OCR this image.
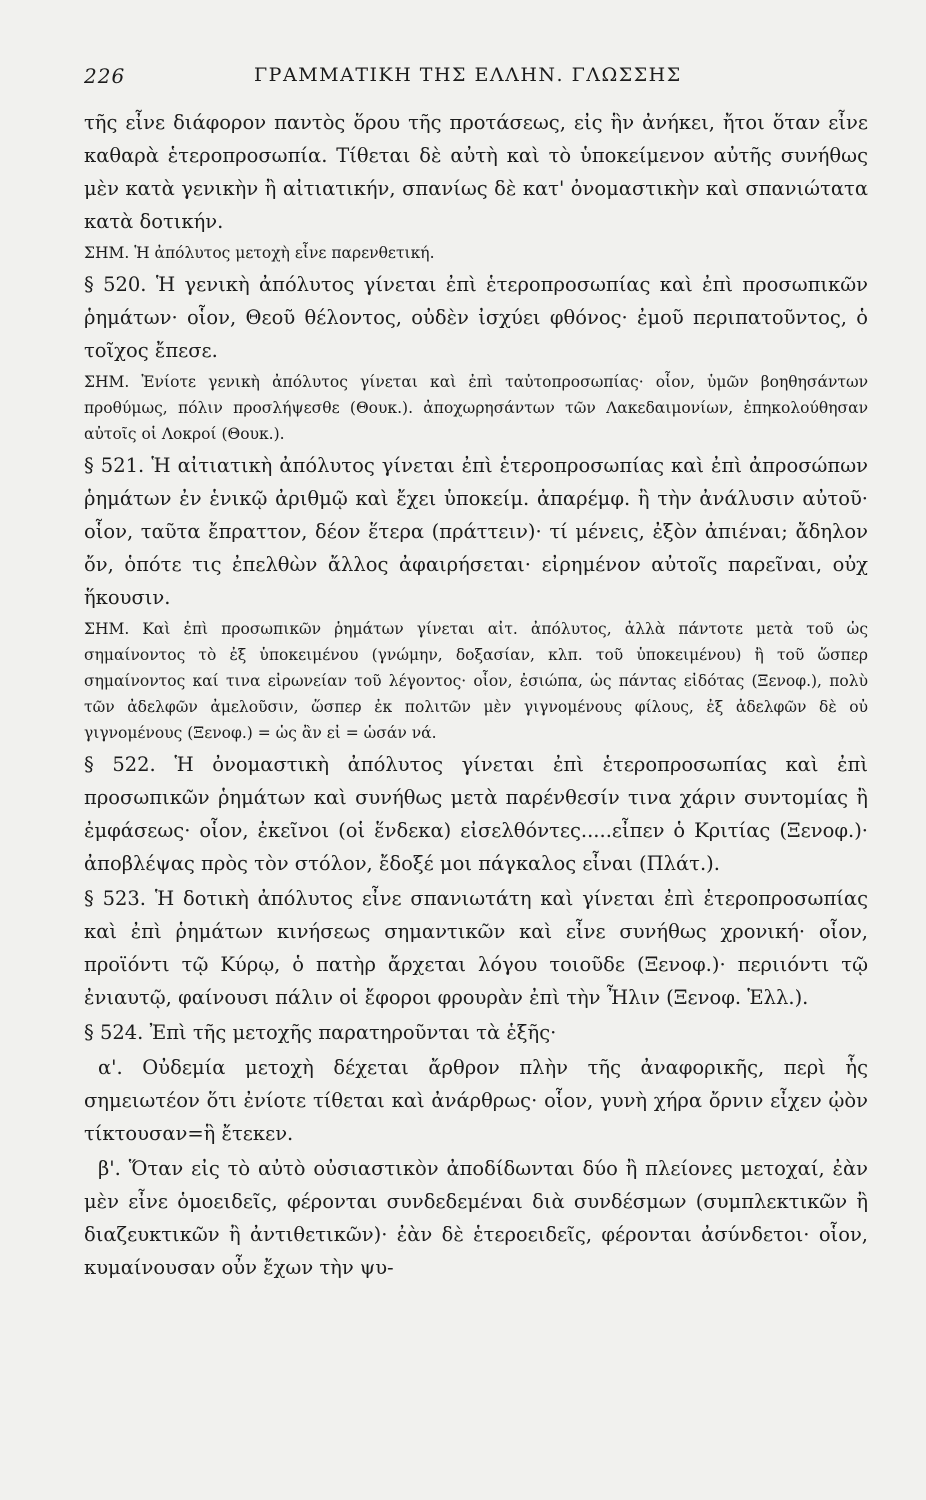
226	ΓΡΑΜΜΑΤΙΚΗ ΤΗΣ ΕΛΛΗΝ. ΓΛΩΣΣΗΣ

τῆς εἶνε διάφορον παντὸς ὅρου τῆς προτάσεως, εἰς ἣν ἀνήκει, ἤτοι ὅταν εἶνε καθαρὰ ἑτεροπροσωπία. Τίθεται δὲ αὐτὴ καὶ τὸ ὑποκείμενον αὐτῆς συνήθως μὲν κατὰ γενικὴν ἢ αἰτιατικήν, σπανίως δὲ κατ' ὀνομαστικὴν καὶ σπανιώτατα κατὰ δοτικήν.

ΣΗΜ. Ἡ ἀπόλυτος μετοχὴ εἶνε παρενθετική.

§ 520. Ἡ γενικὴ ἀπόλυτος γίνεται ἐπὶ ἑτεροπροσωπίας καὶ ἐπὶ προσωπικῶν ῥημάτων· οἷον, Θεοῦ θέλοντος, οὐδὲν ἰσχύει φθόνος· ἐμοῦ περιπατοῦντος, ὁ τοῖχος ἔπεσε.

ΣΗΜ. Ἐνίοτε γενικὴ ἀπόλυτος γίνεται καὶ ἐπὶ ταὐτοπροσωπίας· οἷον, ὑμῶν βοηθησάντων προθύμως, πόλιν προσλήψεσθε (Θουκ.). ἀποχωρησάντων τῶν Λακεδαιμονίων, ἐπηκολούθησαν αὐτοῖς οἱ Λοκροί (Θουκ.).

§ 521. Ἡ αἰτιατικὴ ἀπόλυτος γίνεται ἐπὶ ἑτεροπροσωπίας καὶ ἐπὶ ἀπροσώπων ῥημάτων ἐν ἑνικῷ ἀριθμῷ καὶ ἔχει ὑποκείμ. ἀπαρέμφ. ἢ τὴν ἀνάλυσιν αὐτοῦ· οἷον, ταῦτα ἔπραττον, δέον ἕτερα (πράττειν)· τί μένεις, ἐξὸν ἀπιέναι; ἄδηλον ὄν, ὁπότε τις ἐπελθὼν ἄλλος ἀφαιρήσεται· εἰρημένον αὐτοῖς παρεῖναι, οὐχ ἥκουσιν.

ΣΗΜ. Καὶ ἐπὶ προσωπικῶν ῥημάτων γίνεται αἰτ. ἀπόλυτος, ἀλλὰ πάντοτε μετὰ τοῦ ὡς σημαίνοντος τὸ ἐξ ὑποκειμένου (γνώμην, δοξασίαν, κλπ. τοῦ ὑποκειμένου) ἢ τοῦ ὥσπερ σημαίνοντος καί τινα εἰρωνείαν τοῦ λέγοντος· οἷον, ἐσιώπα, ὡς πάντας εἰδότας (Ξενοφ.), πολὺ τῶν ἀδελφῶν ἀμελοῦσιν, ὥσπερ ἐκ πολιτῶν μὲν γιγνομένους φίλους, ἐξ ἀδελφῶν δὲ οὐ γιγνομένους (Ξενοφ.) = ὡς ἂν εἰ = ὡσάν νά.

§ 522. Ἡ ὀνομαστικὴ ἀπόλυτος γίνεται ἐπὶ ἑτεροπροσωπίας καὶ ἐπὶ προσωπικῶν ῥημάτων καὶ συνήθως μετὰ παρένθεσίν τινα χάριν συντομίας ἢ ἐμφάσεως· οἷον, ἐκεῖνοι (οἱ ἕνδεκα) εἰσελθόντες.....εἶπεν ὁ Κριτίας (Ξενοφ.)· ἀποβλέψας πρὸς τὸν στόλον, ἔδοξέ μοι πάγκαλος εἶναι (Πλάτ.).

§ 523. Ἡ δοτικὴ ἀπόλυτος εἶνε σπανιωτάτη καὶ γίνεται ἐπὶ ἑτεροπροσωπίας καὶ ἐπὶ ῥημάτων κινήσεως σημαντικῶν καὶ εἶνε συνήθως χρονική· οἷον, προϊόντι τῷ Κύρῳ, ὁ πατὴρ ἄρχεται λόγου τοιοῦδε (Ξενοφ.)· περιιόντι τῷ ἐνιαυτῷ, φαίνουσι πάλιν οἱ ἔφοροι φρουρὰν ἐπὶ τὴν Ἦλιν (Ξενοφ. Ἑλλ.).

§ 524. Ἐπὶ τῆς μετοχῆς παρατηροῦνται τὰ ἑξῆς·

α'. Οὐδεμία μετοχὴ δέχεται ἄρθρον πλὴν τῆς ἀναφορικῆς, περὶ ἧς σημειωτέον ὅτι ἐνίοτε τίθεται καὶ ἀνάρθρως· οἷον, γυνὴ χήρα ὄρνιν εἶχεν ᾠὸν τίκτουσαν=ἣ ἔτεκεν.

β'. Ὅταν εἰς τὸ αὐτὸ οὐσιαστικὸν ἀποδίδωνται δύο ἢ πλείονες μετοχαί, ἐὰν μὲν εἶνε ὁμοειδεῖς, φέρονται συνδεδεμέναι διὰ συνδέσμων (συμπλεκτικῶν ἢ διαζευκτικῶν ἢ ἀντιθετικῶν)· ἐὰν δὲ ἑτεροειδεῖς, φέρονται ἀσύνδετοι· οἷον, κυμαίνουσαν οὖν ἔχων τὴν ψυ-
